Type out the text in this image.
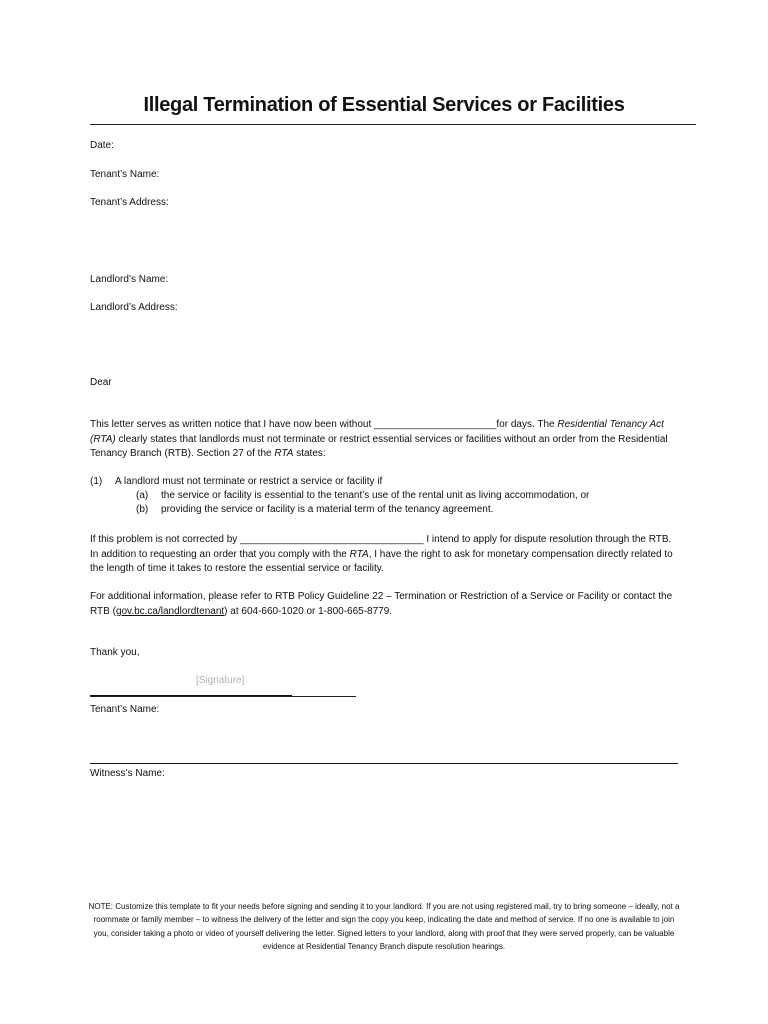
Illegal Termination of Essential Services or Facilities
Date:
Tenant’s Name:
Tenant’s Address:
Landlord’s Name:
Landlord’s Address:
Dear

This letter serves as written notice that I have now been without ______________________for days. The Residential Tenancy Act (RTA) clearly states that landlords must not terminate or restrict essential services or facilities without an order from the Residential Tenancy Branch (RTB). Section 27 of the RTA states:

(1) A landlord must not terminate or restrict a service or facility if
(a) the service or facility is essential to the tenant’s use of the rental unit as living accommodation, or
(b) providing the service or facility is a material term of the tenancy agreement.

If this problem is not corrected by _________________________________ I intend to apply for dispute resolution through the RTB. In addition to requesting an order that you comply with the RTA, I have the right to ask for monetary compensation directly related to the length of time it takes to restore the essential service or facility.

For additional information, please refer to RTB Policy Guideline 22 – Termination or Restriction of a Service or Facility or contact the RTB (gov.bc.ca/landlordtenant) at 604-660-1020 or 1-800-665-8779.

Thank you,
[Signature]
Tenant’s Name:
Witness’s Name:

NOTE: Customize this template to fit your needs before signing and sending it to your landlord. If you are not using registered mail, try to bring someone – ideally, not a roommate or family member – to witness the delivery of the letter and sign the copy you keep, indicating the date and method of service. If no one is available to join you, consider taking a photo or video of yourself delivering the letter. Signed letters to your landlord, along with proof that they were served properly, can be valuable evidence at Residential Tenancy Branch dispute resolution hearings.
